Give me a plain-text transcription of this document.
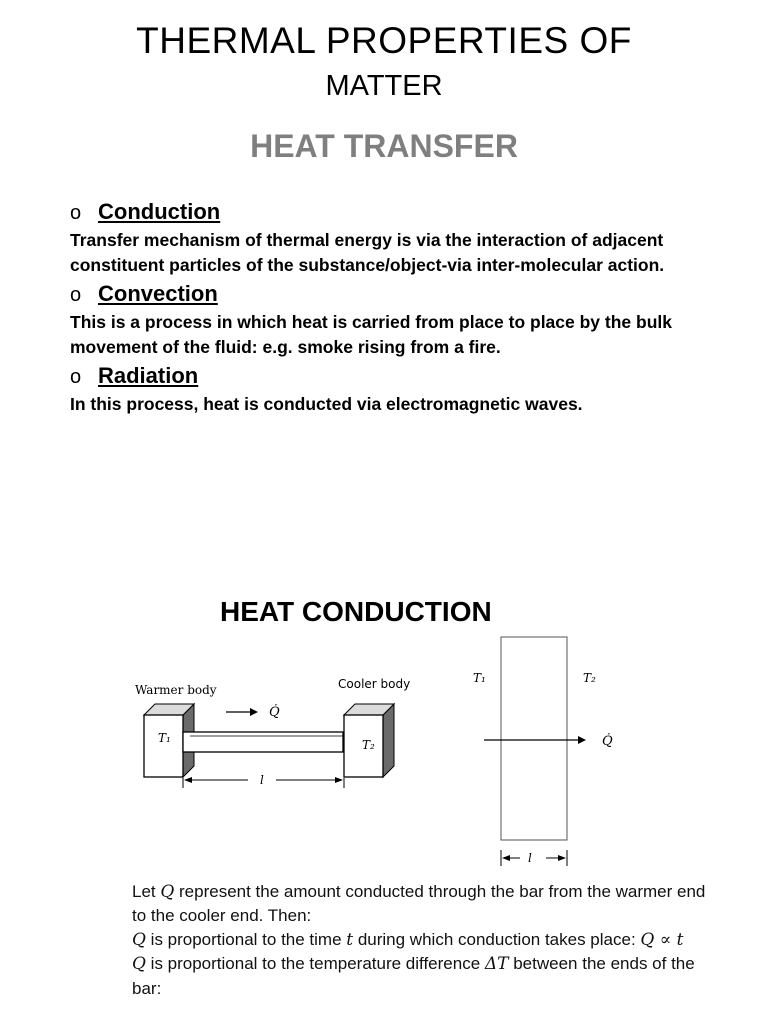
THERMAL PROPERTIES OF
MATTER
HEAT TRANSFER
o Conduction
Transfer mechanism of thermal energy is via the interaction of adjacent constituent particles of the substance/object-via inter-molecular action.
o Convection
This is a process in which heat is carried from place to place by the bulk movement of the fluid: e.g. smoke rising from a fire.
o Radiation
In this process, heat is conducted via electromagnetic waves.
HEAT CONDUCTION
Warmer body	Cooler body
Q̇
T₁	T₂
l
T₁	T₂
Q̇
l

Let Q represent the amount conducted through the bar from the warmer end to the cooler end. Then:

Q is proportional to the time t during which conduction takes place: Q ∝ t

Q is proportional to the temperature difference ΔT between the ends of the bar:
